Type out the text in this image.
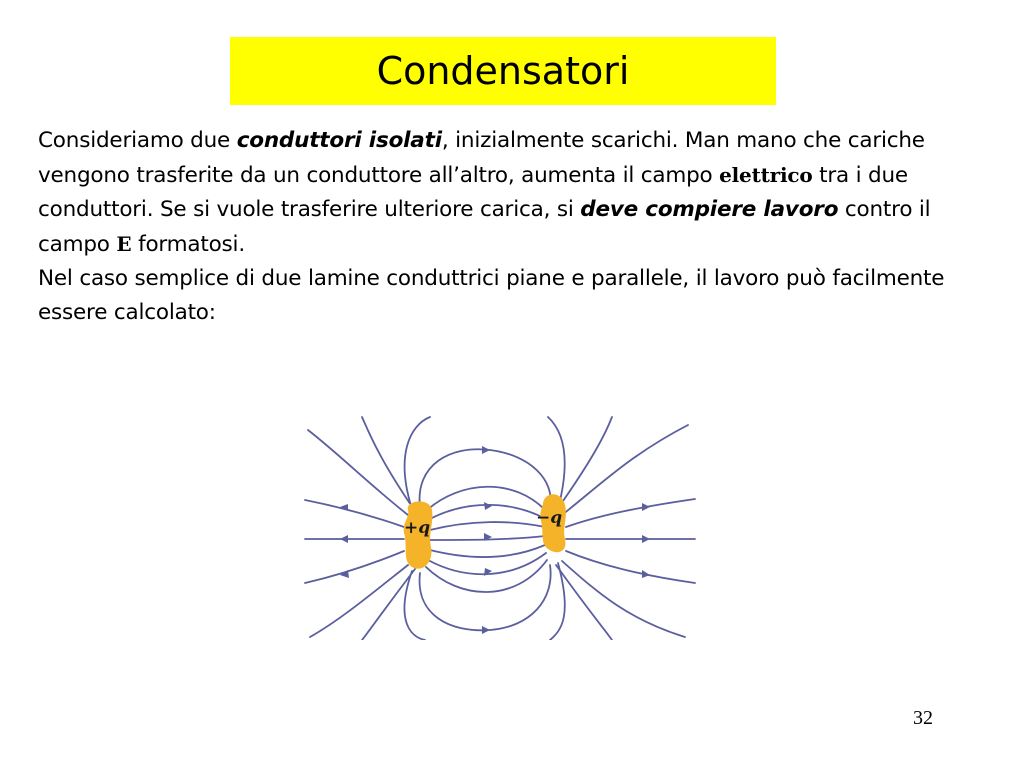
Condensatori

Consideriamo due conduttori isolati, inizialmente scarichi. Man mano che cariche vengono trasferite da un conduttore all’altro, aumenta il campo elettrico tra i due conduttori. Se si vuole trasferire ulteriore carica, si deve compiere lavoro contro il campo E formatosi.

Nel caso semplice di due lamine conduttrici piane e parallele, il lavoro può facilmente essere calcolato:

+q	−q
32
